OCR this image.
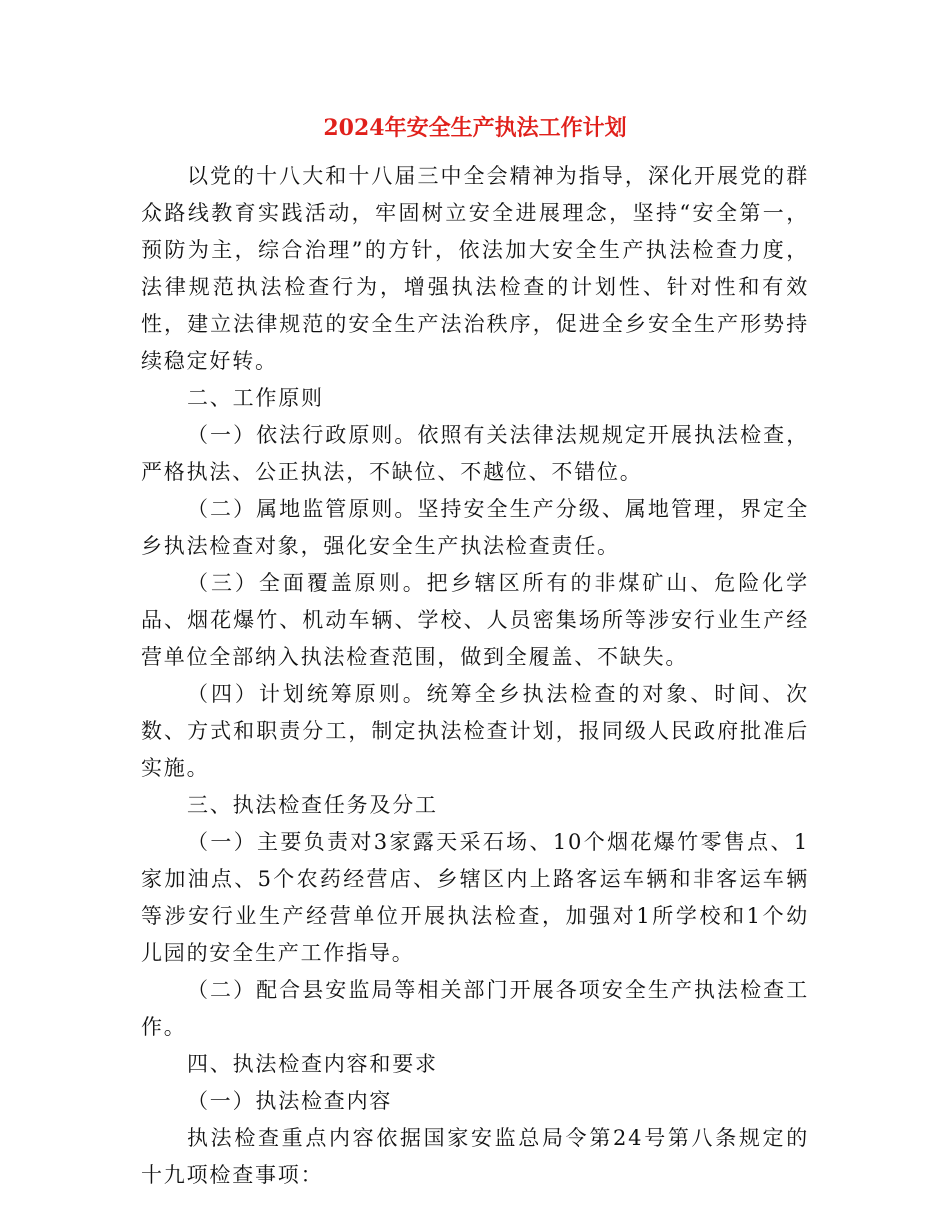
2024年安全生产执法工作计划

以党的十八大和十八届三中全会精神为指导，深化开展党的群众路线教育实践活动，牢固树立安全进展理念，坚持“安全第一，预防为主，综合治理”的方针，依法加大安全生产执法检查力度，法律规范执法检查行为，增强执法检查的计划性、针对性和有效性，建立法律规范的安全生产法治秩序，促进全乡安全生产形势持续稳定好转。

二、工作原则

（一）依法行政原则。依照有关法律法规规定开展执法检查，严格执法、公正执法，不缺位、不越位、不错位。

（二）属地监管原则。坚持安全生产分级、属地管理，界定全乡执法检查对象，强化安全生产执法检查责任。

（三）全面覆盖原则。把乡辖区所有的非煤矿山、危险化学品、烟花爆竹、机动车辆、学校、人员密集场所等涉安行业生产经营单位全部纳入执法检查范围，做到全履盖、不缺失。

（四）计划统筹原则。统筹全乡执法检查的对象、时间、次数、方式和职责分工，制定执法检查计划，报同级人民政府批准后实施。

三、执法检查任务及分工

（一）主要负责对3家露天采石场、10个烟花爆竹零售点、1家加油点、5个农药经营店、乡辖区内上路客运车辆和非客运车辆等涉安行业生产经营单位开展执法检查，加强对1所学校和1个幼儿园的安全生产工作指导。

（二）配合县安监局等相关部门开展各项安全生产执法检查工作。

四、执法检查内容和要求

（一）执法检查内容

执法检查重点内容依据国家安监总局令第24号第八条规定的十九项检查事项：
